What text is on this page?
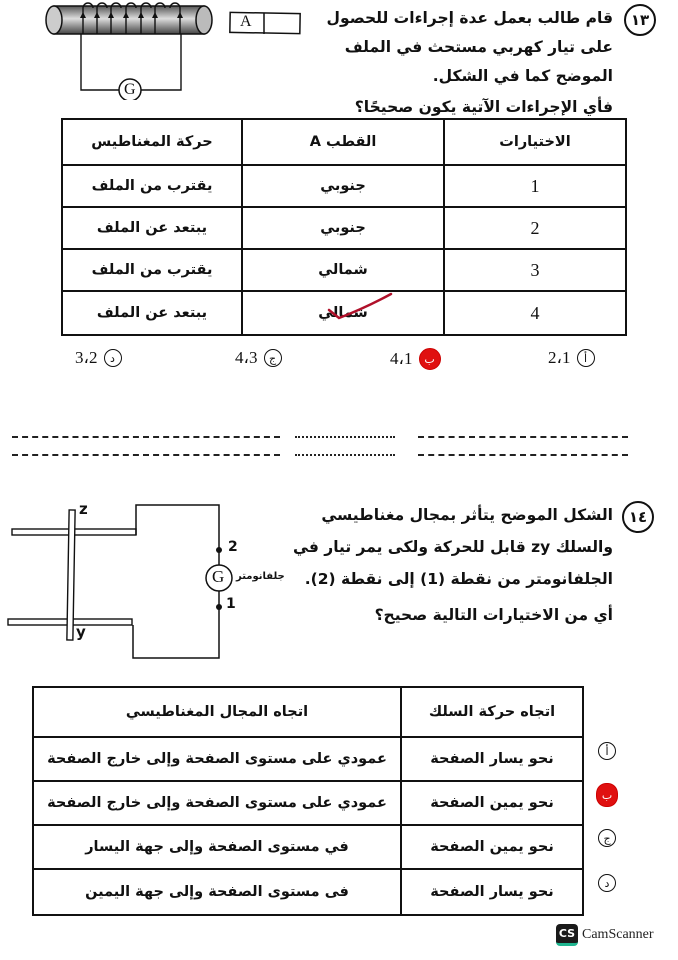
G
A	١٣
قام طالب بعمل عدة إجراءات للحصول
على تيار كهربي مستحث في الملف
الموضح كما في الشكل.
فأي الإجراءات الآتية يكون صحيحًا؟
الاختيارات	القطب A	حركة المغناطيس
1	جنوبي	يقترب من الملف
2	جنوبي	يبتعد عن الملف
3	شمالي	يقترب من الملف
4	شمالي	يبتعد عن الملف
3،2	د	4،3	ج	4،1	ب	2،1	أ
z
y
2
1
G جلفانومتر
١٤
الشكل الموضح يتأثر بمجال مغناطيسي
والسلك zy قابل للحركة ولكى يمر تيار في
الجلفانومتر من نقطة (1) إلى نقطة (2).
أي من الاختيارات التالية صحيح؟
اتجاه حركة السلك	اتجاه المجال المغناطيسي
نحو يسار الصفحة	عمودي على مستوى الصفحة وإلى خارج الصفحة
نحو يمين الصفحة	عمودي على مستوى الصفحة وإلى خارج الصفحة
نحو يمين الصفحة	في مستوى الصفحة وإلى جهة اليسار
نحو يسار الصفحة	فى مستوى الصفحة وإلى جهة اليمين
أ
ب
ج
د
CS CamScanner
